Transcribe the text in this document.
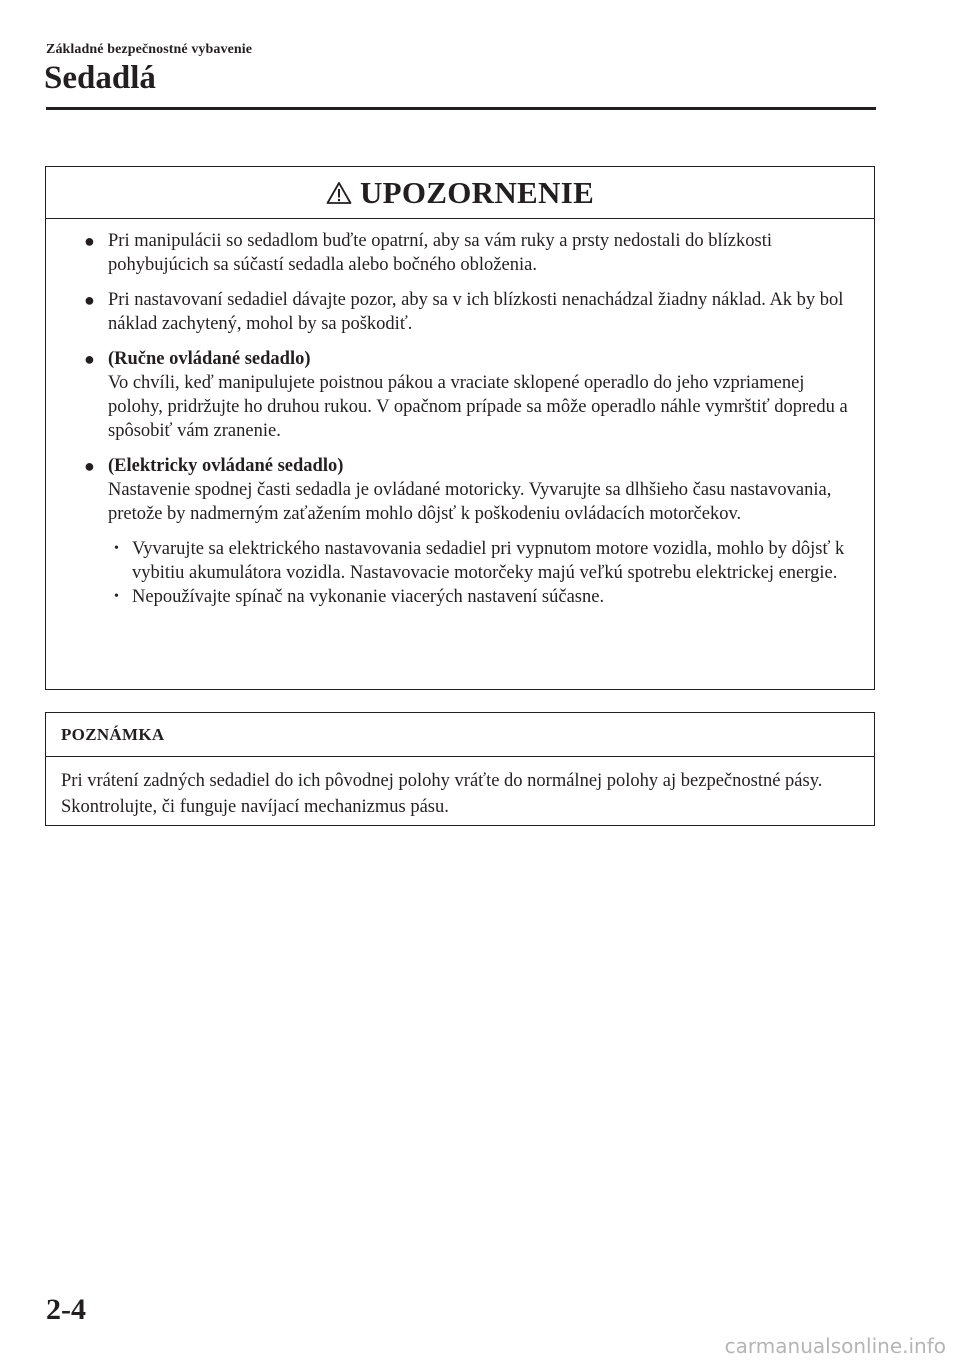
Základné bezpečnostné vybavenie
Sedadlá
UPOZORNENIE
● Pri manipulácii so sedadlom buďte opatrní, aby sa vám ruky a prsty nedostali do blízkosti pohybujúcich sa súčastí sedadla alebo bočného obloženia.
● Pri nastavovaní sedadiel dávajte pozor, aby sa v ich blízkosti nenachádzal žiadny náklad. Ak by bol náklad zachytený, mohol by sa poškodiť.
● (Ručne ovládané sedadlo)
Vo chvíli, keď manipulujete poistnou pákou a vraciate sklopené operadlo do jeho vzpriamenej polohy, pridržujte ho druhou rukou. V opačnom prípade sa môže operadlo náhle vymrštiť dopredu a spôsobiť vám zranenie.
● (Elektricky ovládané sedadlo)
Nastavenie spodnej časti sedadla je ovládané motoricky. Vyvarujte sa dlhšieho času nastavovania, pretože by nadmerným zaťažením mohlo dôjsť k poškodeniu ovládacích motorčekov.
• Vyvarujte sa elektrického nastavovania sedadiel pri vypnutom motore vozidla, mohlo by dôjsť k vybitiu akumulátora vozidla. Nastavovacie motorčeky majú veľkú spotrebu elektrickej energie.
• Nepoužívajte spínač na vykonanie viacerých nastavení súčasne.
POZNÁMKA
Pri vrátení zadných sedadiel do ich pôvodnej polohy vráťte do normálnej polohy aj bezpečnostné pásy. Skontrolujte, či funguje navíjací mechanizmus pásu.
2-4
carmanualsonline.info
